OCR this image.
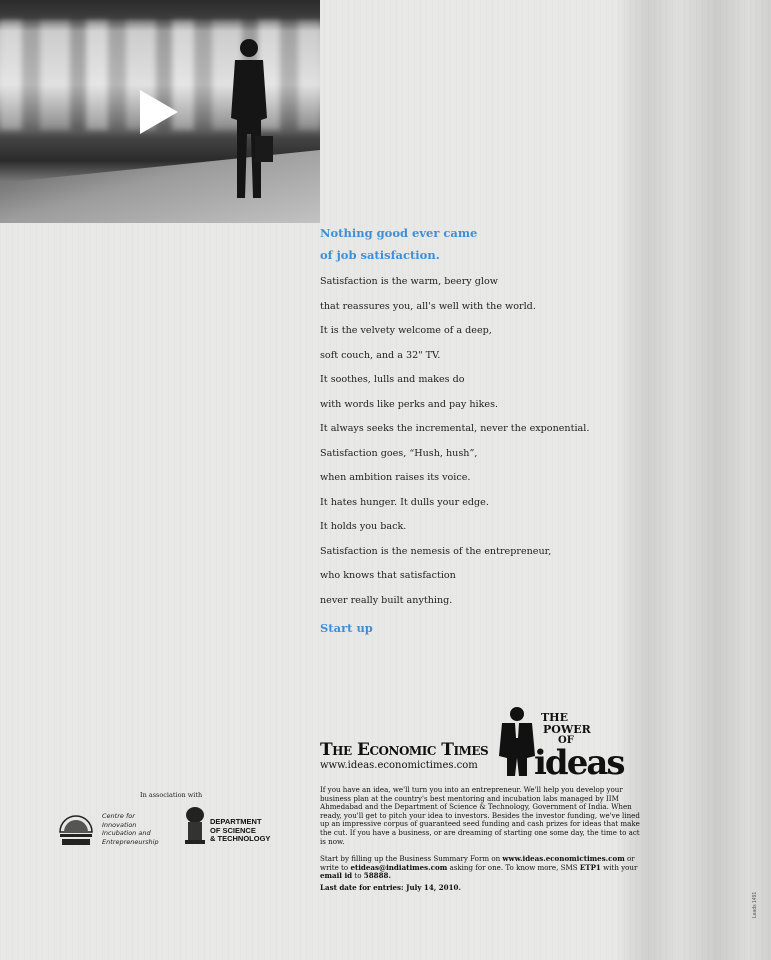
Nothing good ever came

of job satisfaction.

Satisfaction is the warm, beery glow

that reassures you, all's well with the world.

It is the velvety welcome of a deep,

soft couch, and a 32" TV.

It soothes, lulls and makes do

with words like perks and pay hikes.

It always seeks the incremental, never the exponential.

Satisfaction goes, “Hush, hush”,

when ambition raises its voice.

It hates hunger. It dulls your edge.

It holds you back.

Satisfaction is the nemesis of the entrepreneur,

who knows that satisfaction

never really built anything.

Start up

THE
POWER
OF
ideas
The Economic Times
www.ideas.economictimes.com

If you have an idea, we'll turn you into an entrepreneur. We'll help you develop your business plan at the country's best mentoring and incubation labs managed by IIM Ahmedabad and the Department of Science & Technology, Government of India. When ready, you'll get to pitch your idea to investors. Besides the investor funding, we've lined up an impressive corpus of guaranteed seed funding and cash prizes for ideas that make the cut. If you have a business, or are dreaming of starting one some day, the time to act is now.

Start by filling up the Business Summary Form on www.ideas.economictimes.com or write to etideas@indiatimes.com asking for one. To know more, SMS ETP1 with your email id to 58888.

Last date for entries: July 14, 2010.

In association with
Centre for
Innovation
Incubation and
Entrepreneurship
DEPARTMENT
OF SCIENCE
& TECHNOLOGY
Leads 1491
